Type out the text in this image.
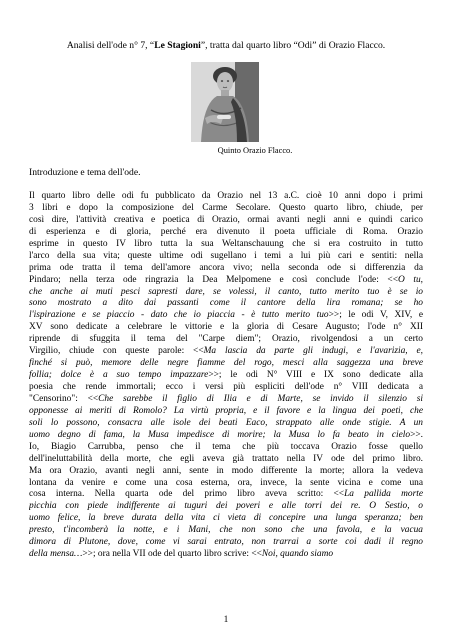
Analisi dell'ode n° 7, “Le Stagioni”, tratta dal quarto libro “Odi” di Orazio Flacco.
Quinto Orazio Flacco.
Introduzione e tema dell'ode.
Il quarto libro delle odi fu pubblicato da Orazio nel 13 a.C. cioè 10 anni dopo i primi
3 libri e dopo la composizione del Carme Secolare. Questo quarto libro, chiude, per
così dire, l'attività creativa e poetica di Orazio, ormai avanti negli anni e quindi carico
di esperienza e di gloria, perché era divenuto il poeta ufficiale di Roma. Orazio
esprime in questo IV libro tutta la sua Weltanschauung che si era costruito in tutto
l'arco della sua vita; queste ultime odi sugellano i temi a lui più cari e sentiti: nella
prima ode tratta il tema dell'amore ancora vivo; nella seconda ode si differenzia da
Pindaro; nella terza ode ringrazia la Dea Melpomene e così conclude l'ode: <<O tu,
che anche ai muti pesci sapresti dare, se volessi, il canto, tutto merito tuo è se io
sono mostrato a dito dai passanti come il cantore della lira romana; se ho
l'ispirazione e se piaccio - dato che io piaccia - è tutto merito tuo>>; le odi V, XIV, e
XV sono dedicate a celebrare le vittorie e la gloria di Cesare Augusto; l'ode n° XII
riprende di sfuggita il tema del "Carpe diem"; Orazio, rivolgendosi a un certo
Virgilio, chiude con queste parole: <<Ma lascia da parte gli indugi, e l'avarizia, e,
finché si può, memore delle negre fiamme del rogo, mesci alla saggezza una breve
follia; dolce è a suo tempo impazzare>>; le odi N° VIII e IX sono dedicate alla
poesia che rende immortali; ecco i versi più espliciti dell'ode n° VIII dedicata a
"Censorino": <<Che sarebbe il figlio di Ilia e di Marte, se invido il silenzio si
opponesse ai meriti di Romolo? La virtù propria, e il favore e la lingua dei poeti, che
soli lo possono, consacra alle isole dei beati Eaco, strappato alle onde stigie. A un
uomo degno di fama, la Musa impedisce di morire; la Musa lo fa beato in cielo>>.
Io, Biagio Carrubba, penso che il tema che più toccava Orazio fosse quello
dell'ineluttabilità della morte, che egli aveva già trattato nella IV ode del primo libro.
Ma ora Orazio, avanti negli anni, sente in modo differente la morte; allora la vedeva
lontana da venire e come una cosa esterna, ora, invece, la sente vicina e come una
cosa interna. Nella quarta ode del primo libro aveva scritto: <<La pallida morte
picchia con piede indifferente ai tuguri dei poveri e alle torri dei re. O Sestio, o
uomo felice, la breve durata della vita ci vieta di concepire una lunga speranza; ben
presto, t'incomberà la notte, e i Mani, che non sono che una favola, e la vacua
dimora di Plutone, dove, come vi sarai entrato, non trarrai a sorte coi dadi il regno
della mensa…>>; ora nella VII ode del quarto libro scrive: <<Noi, quando siamo
1
